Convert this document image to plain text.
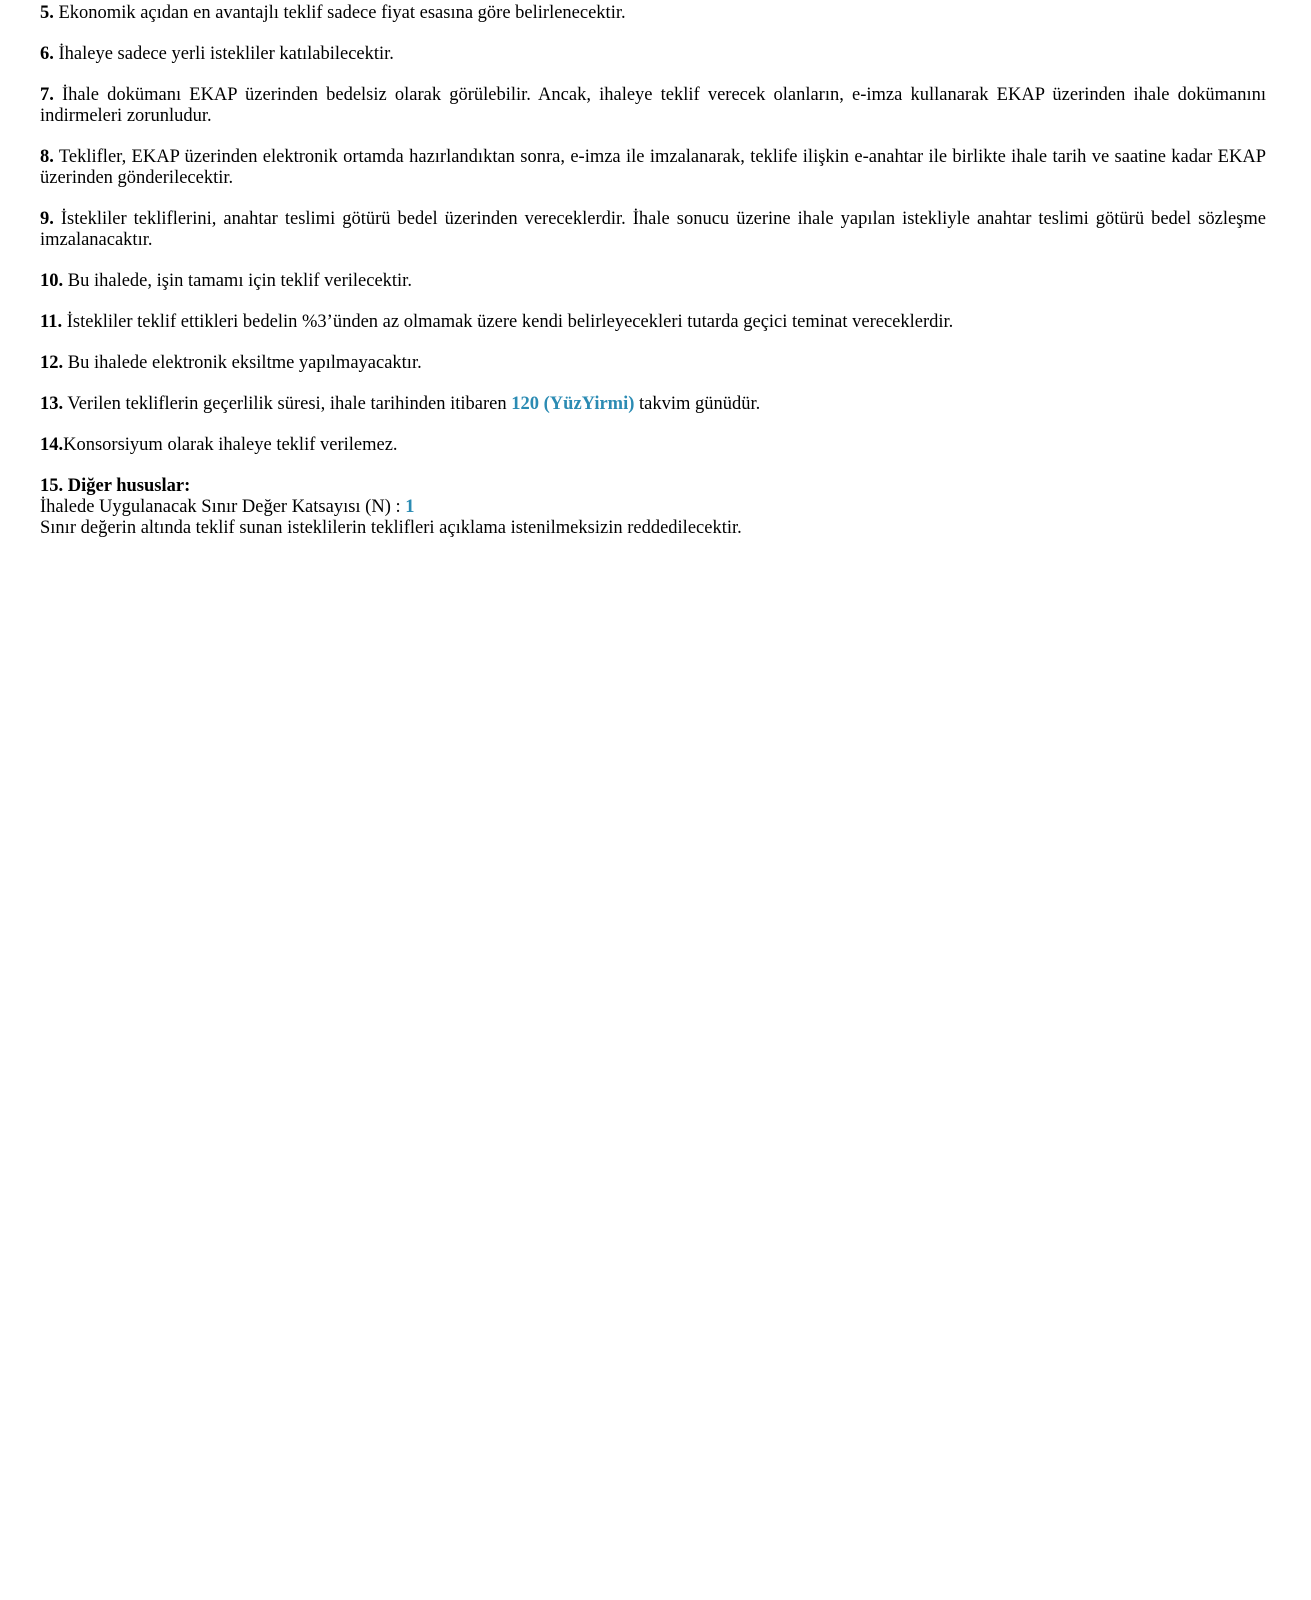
5. Ekonomik açıdan en avantajlı teklif sadece fiyat esasına göre belirlenecektir.

6. İhaleye sadece yerli istekliler katılabilecektir.

7. İhale dokümanı EKAP üzerinden bedelsiz olarak görülebilir. Ancak, ihaleye teklif verecek olanların, e-imza kullanarak EKAP üzerinden ihale dokümanını indirmeleri zorunludur.

8. Teklifler, EKAP üzerinden elektronik ortamda hazırlandıktan sonra, e-imza ile imzalanarak, teklife ilişkin e-anahtar ile birlikte ihale tarih ve saatine kadar EKAP üzerinden gönderilecektir.

9. İstekliler tekliflerini, anahtar teslimi götürü bedel üzerinden vereceklerdir. İhale sonucu üzerine ihale yapılan istekliyle anahtar teslimi götürü bedel sözleşme imzalanacaktır.

10. Bu ihalede, işin tamamı için teklif verilecektir.

11. İstekliler teklif ettikleri bedelin %3’ünden az olmamak üzere kendi belirleyecekleri tutarda geçici teminat vereceklerdir.

12. Bu ihalede elektronik eksiltme yapılmayacaktır.

13. Verilen tekliflerin geçerlilik süresi, ihale tarihinden itibaren 120 (YüzYirmi) takvim günüdür.

14.Konsorsiyum olarak ihaleye teklif verilemez.

15. Diğer hususlar:
İhalede Uygulanacak Sınır Değer Katsayısı (N) : 1
Sınır değerin altında teklif sunan isteklilerin teklifleri açıklama istenilmeksizin reddedilecektir.
